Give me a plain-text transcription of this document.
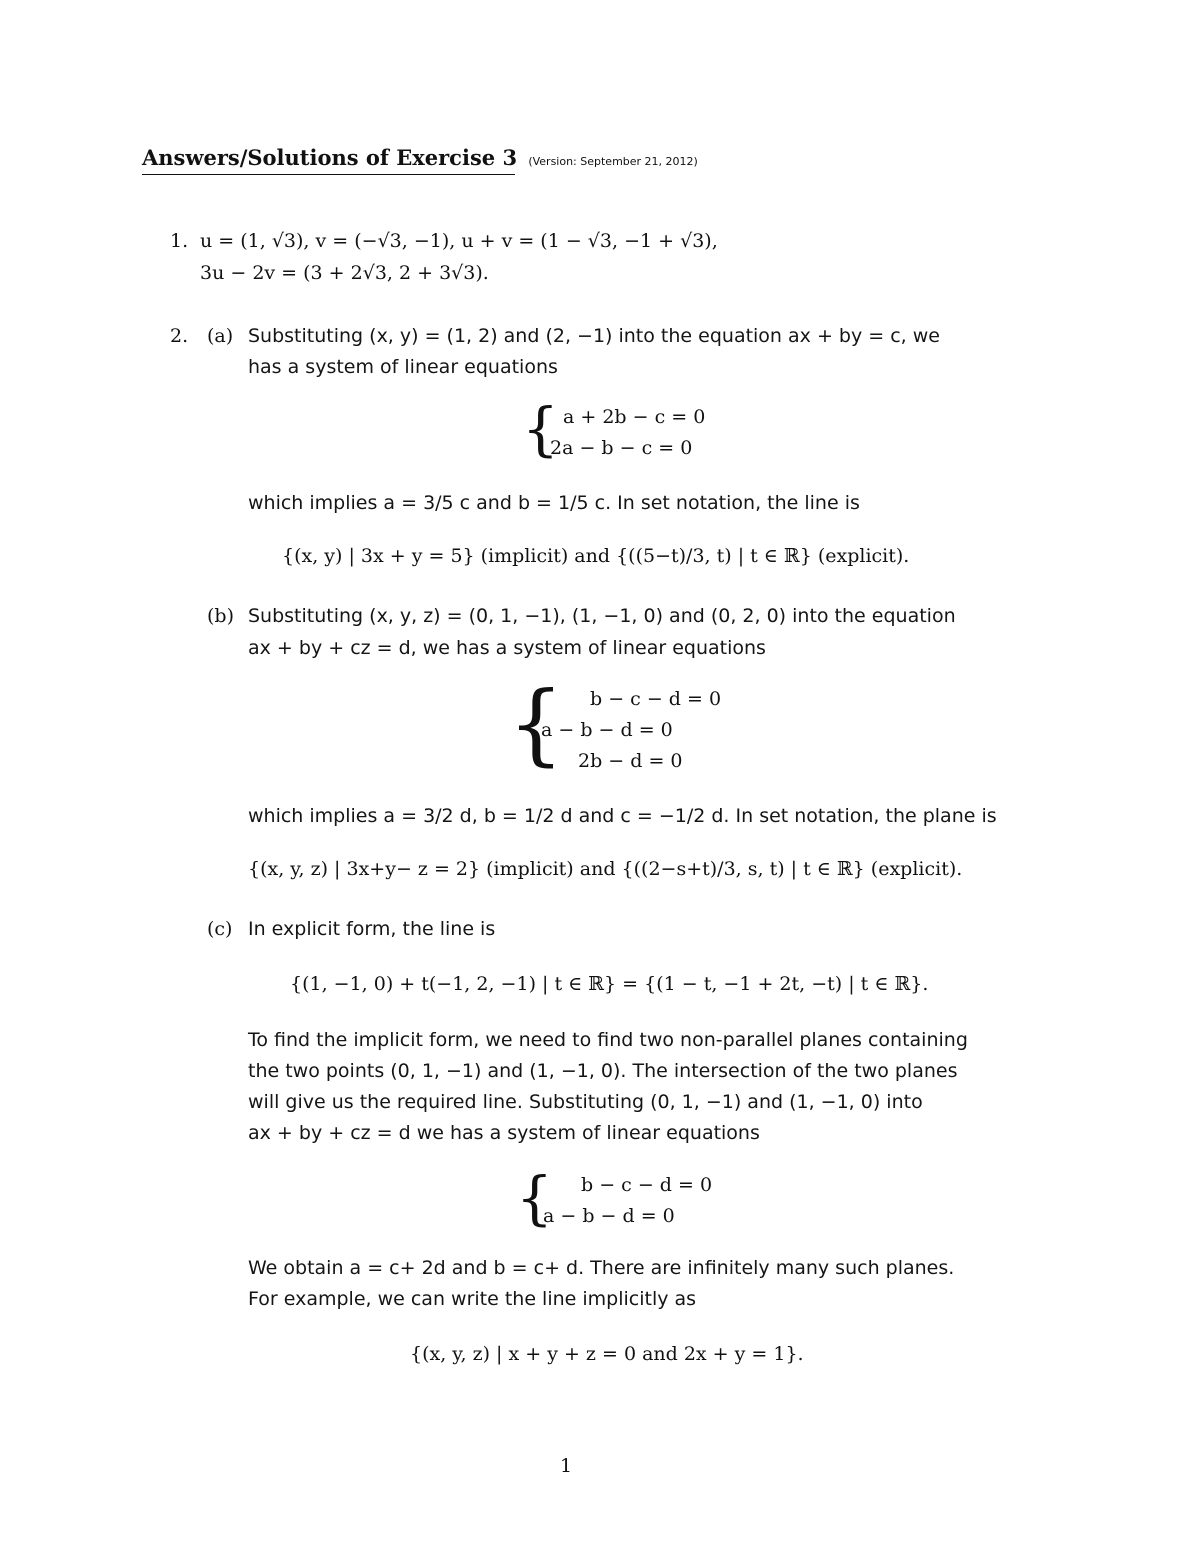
Answers/Solutions of Exercise 3 (Version: September 21, 2012)
1. u = (1, √3), v = (−√3, −1), u + v = (1 − √3, −1 + √3),
3u − 2v = (3 + 2√3, 2 + 3√3).
2. (a) Substituting (x, y) = (1, 2) and (2, −1) into the equation ax + by = c, we
has a system of linear equations
{ a + 2b − c = 0
2a − b − c = 0
which implies a = 3/5 c and b = 1/5 c. In set notation, the line is
{(x, y) | 3x + y = 5} (implicit) and {((5−t)/3, t) | t ∈ ℝ} (explicit).
(b) Substituting (x, y, z) = (0, 1, −1), (1, −1, 0) and (0, 2, 0) into the equation
ax + by + cz = d, we has a system of linear equations
{ b − c − d = 0
a − b − d = 0
2b − d = 0
which implies a = 3/2 d, b = 1/2 d and c = −1/2 d. In set notation, the plane is
{(x, y, z) | 3x+y− z = 2} (implicit) and {((2−s+t)/3, s, t) | t ∈ ℝ} (explicit).
(c) In explicit form, the line is
{(1, −1, 0) + t(−1, 2, −1) | t ∈ ℝ} = {(1 − t, −1 + 2t, −t) | t ∈ ℝ}.
To find the implicit form, we need to find two non-parallel planes containing
the two points (0, 1, −1) and (1, −1, 0). The intersection of the two planes
will give us the required line. Substituting (0, 1, −1) and (1, −1, 0) into
ax + by + cz = d we has a system of linear equations
{ b − c − d = 0
a − b − d = 0
We obtain a = c+ 2d and b = c+ d. There are infinitely many such planes.
For example, we can write the line implicitly as
{(x, y, z) | x + y + z = 0 and 2x + y = 1}.
1
